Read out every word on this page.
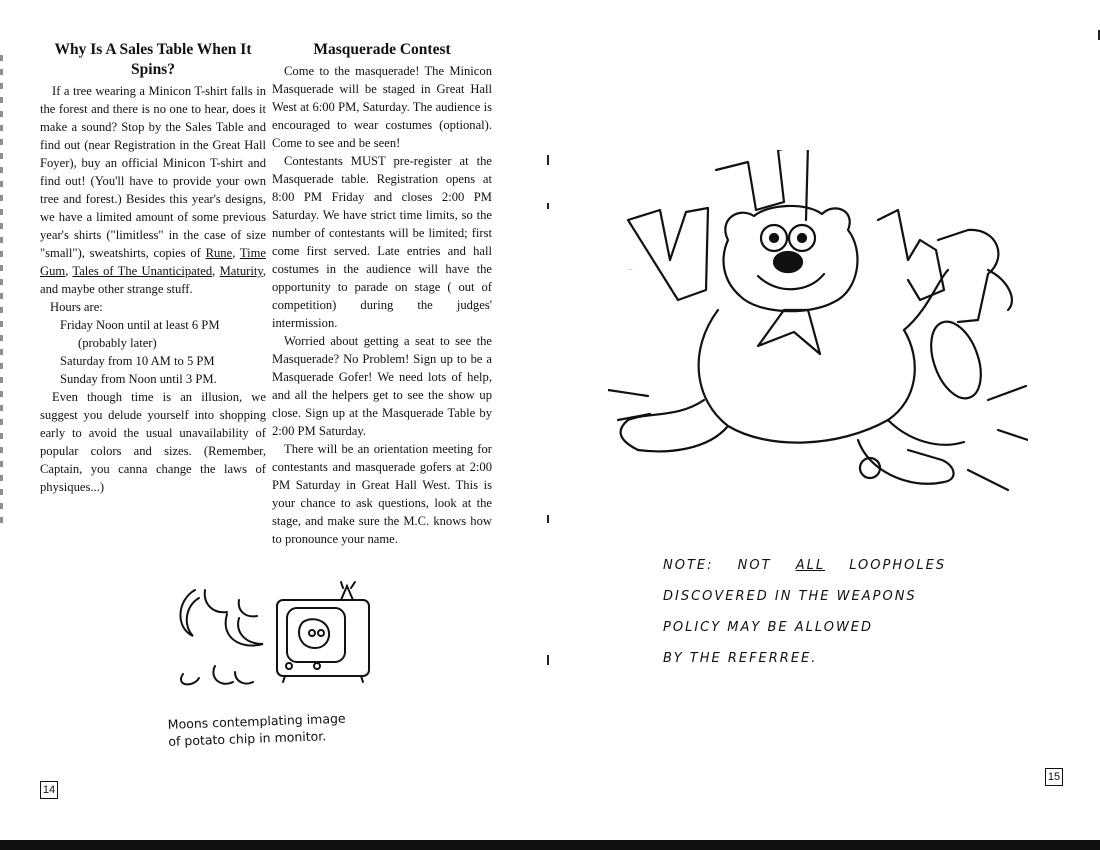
Why Is A Sales Table When It Spins?

If a tree wearing a Minicon T-shirt falls in the forest and there is no one to hear, does it make a sound? Stop by the Sales Table and find out (near Registration in the Great Hall Foyer), buy an official Minicon T-shirt and find out! (You'll have to provide your own tree and forest.) Besides this year's designs, we have a limited amount of some previous year's shirts ("limitless" in the case of size "small"), sweatshirts, copies of Rune, Time Gum, Tales of The Unanticipated, Maturity, and maybe other strange stuff.

Hours are:
Friday Noon until at least 6 PM
(probably later)
Saturday from 10 AM to 5 PM
Sunday from Noon until 3 PM.

Even though time is an illusion, we suggest you delude yourself into shopping early to avoid the usual unavailability of popular colors and sizes. (Remember, Captain, you canna change the laws of physiques...)

Masquerade Contest

Come to the masquerade! The Minicon Masquerade will be staged in Great Hall West at 6:00 PM, Saturday. The audience is encouraged to wear costumes (optional). Come to see and be seen!

Contestants MUST pre-register at the Masquerade table. Registration opens at 8:00 PM Friday and closes 2:00 PM Saturday. We have strict time limits, so the number of contestants will be limited; first come first served. Late entries and hall costumes in the audience will have the opportunity to parade on stage ( out of competition) during the judges' intermission.

Worried about getting a seat to see the Masquerade? No Problem! Sign up to be a Masquerade Gofer! We need lots of help, and all the helpers get to see the show up close. Sign up at the Masquerade Table by 2:00 PM Saturday.

There will be an orientation meeting for contestants and masquerade gofers at 2:00 PM Saturday in Great Hall West. This is your chance to ask questions, look at the stage, and make sure the M.C. knows how to pronounce your name.

Moons contemplating image
of potato chip in monitor.
14
WHUMP!
NOTE: NOT ALL LOOPHOLES
DISCOVERED IN THE WEAPONS
POLICY MAY BE ALLOWED
BY THE REFERREE.
15
